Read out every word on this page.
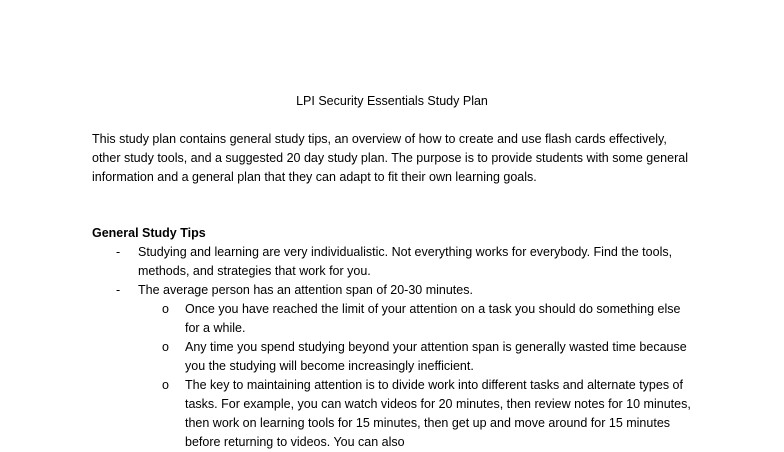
LPI Security Essentials Study Plan

This study plan contains general study tips, an overview of how to create and use flash cards effectively, other study tools, and a suggested 20 day study plan. The purpose is to provide students with some general information and a general plan that they can adapt to fit their own learning goals.

General Study Tips
- Studying and learning are very individualistic. Not everything works for everybody. Find the tools, methods, and strategies that work for you.
- The average person has an attention span of 20-30 minutes.
o Once you have reached the limit of your attention on a task you should do something else for a while.
o Any time you spend studying beyond your attention span is generally wasted time because you the studying will become increasingly inefficient.
o The key to maintaining attention is to divide work into different tasks and alternate types of tasks. For example, you can watch videos for 20 minutes, then review notes for 10 minutes, then work on learning tools for 15 minutes, then get up and move around for 15 minutes before returning to videos. You can also
